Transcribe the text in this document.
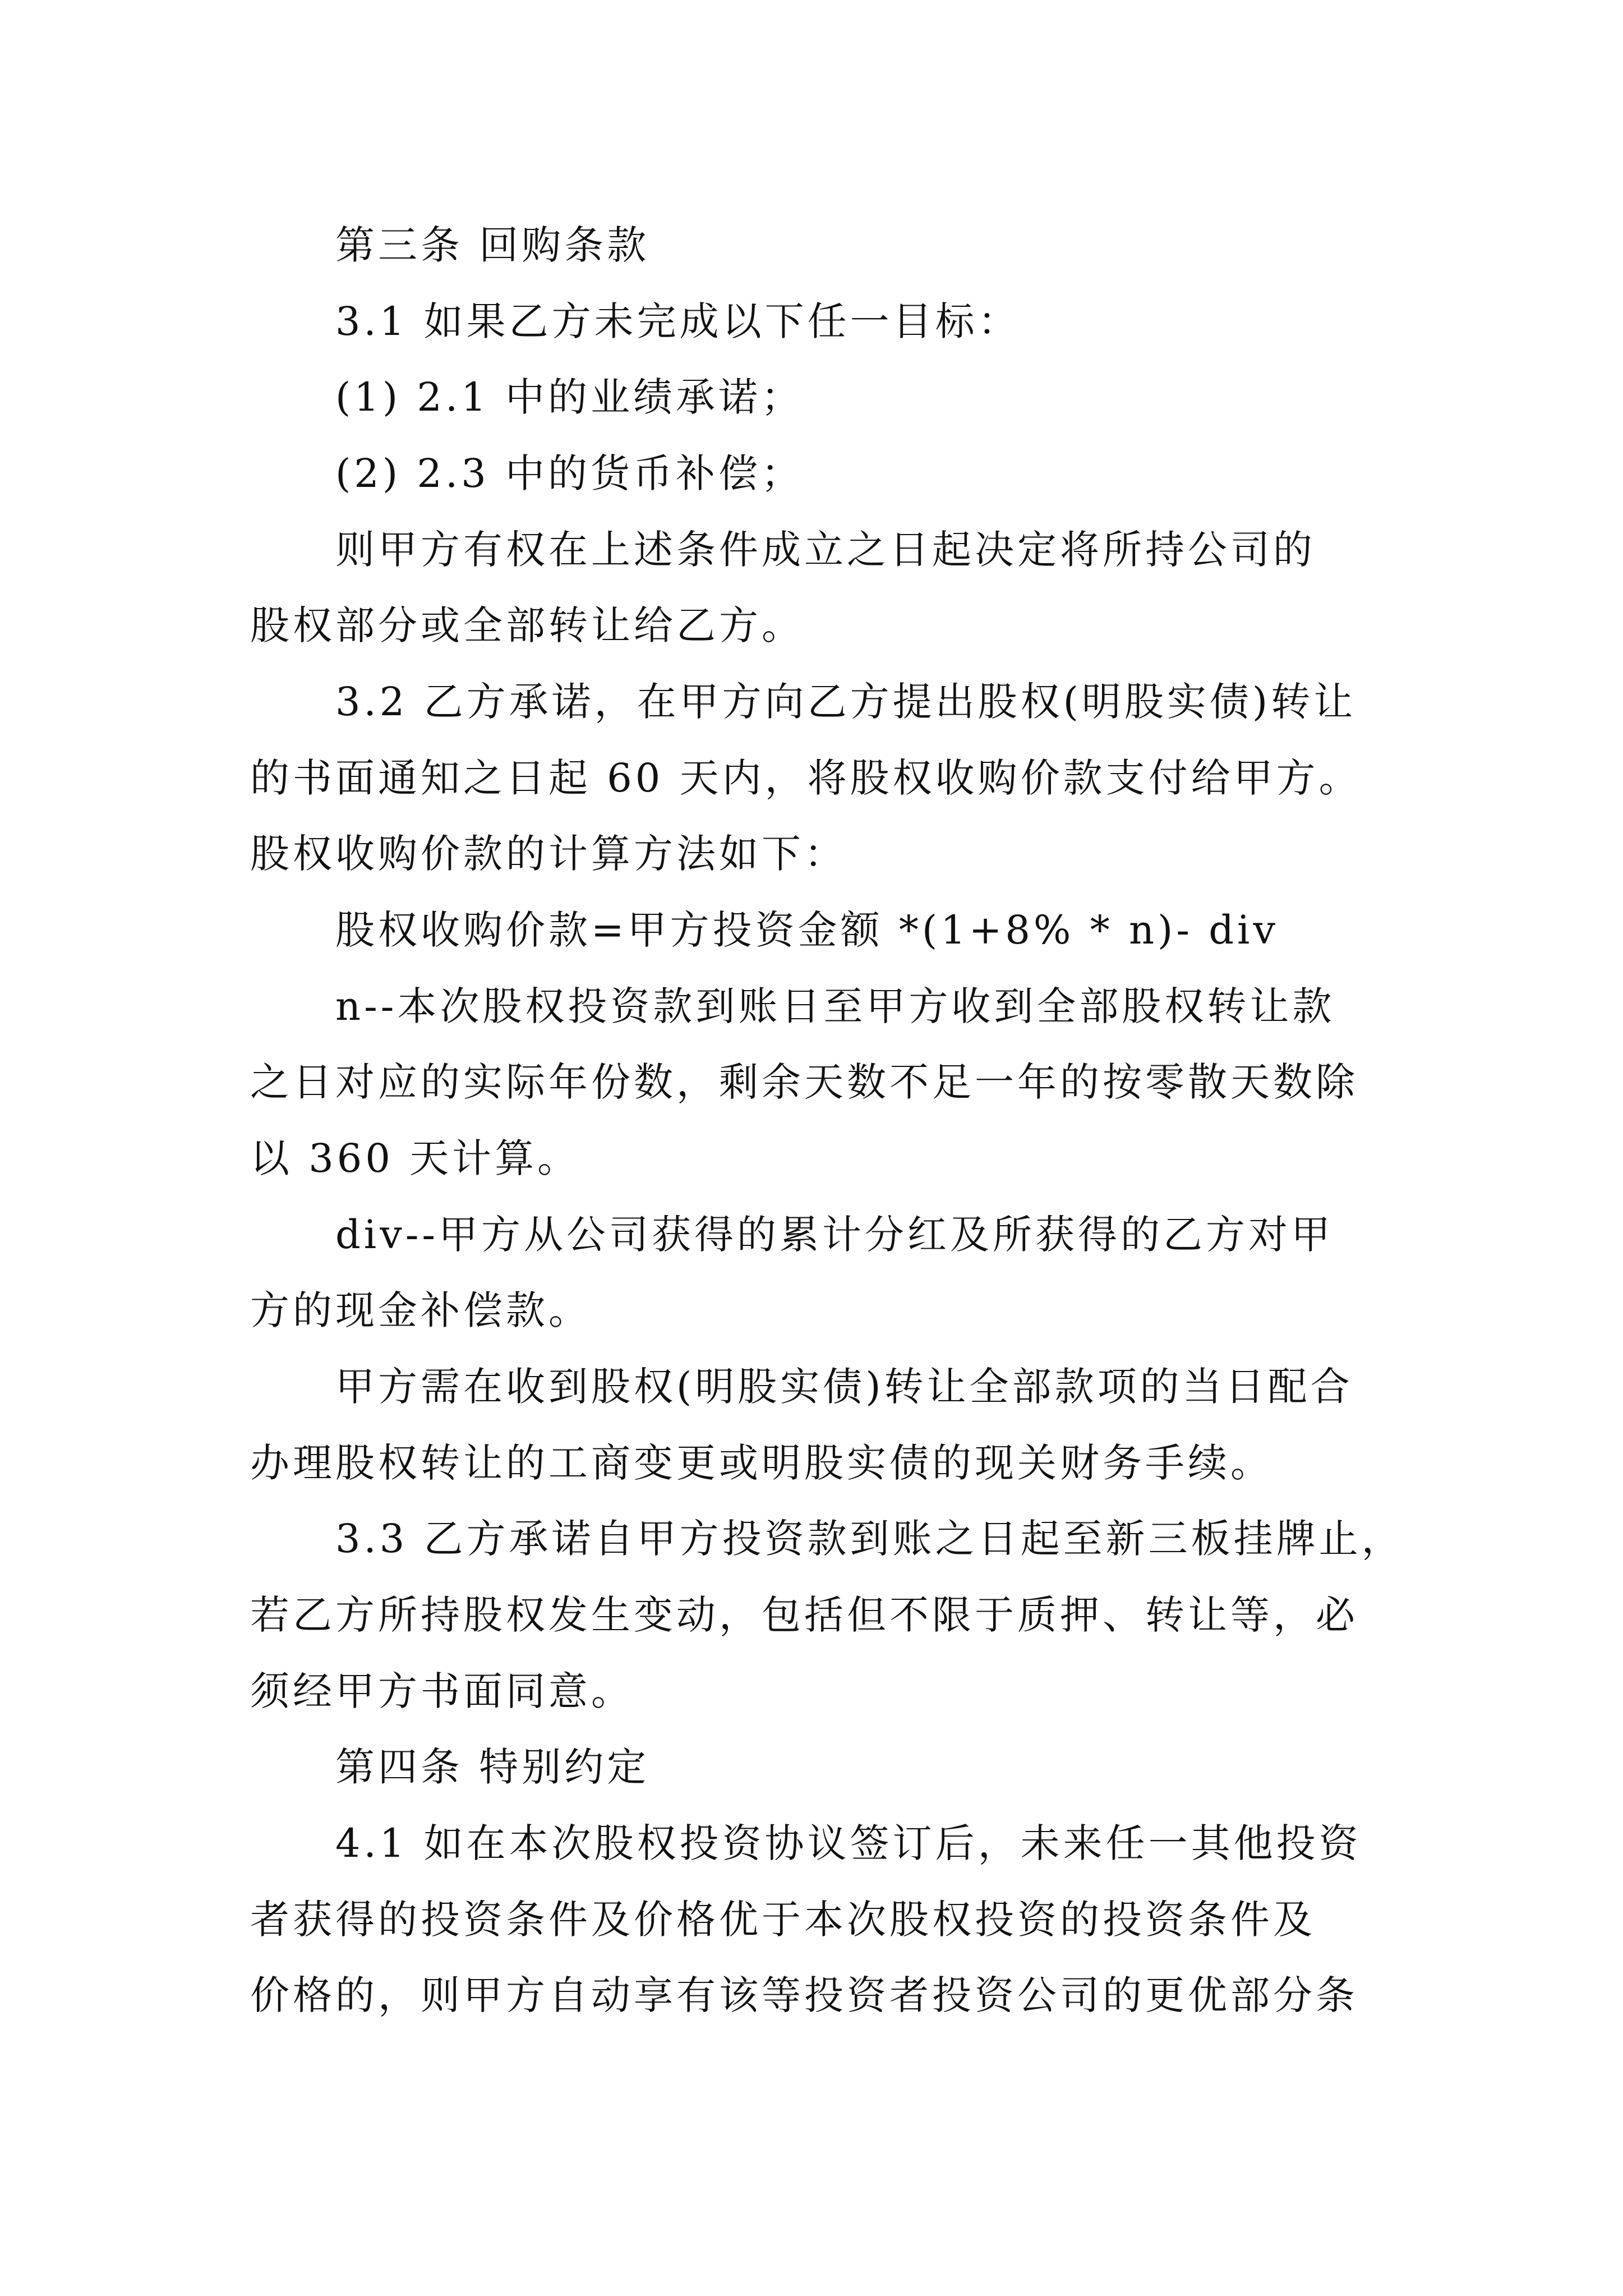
第三条 回购条款
3.1 如果乙方未完成以下任一目标：
(1) 2.1 中的业绩承诺；
(2) 2.3 中的货币补偿；
则甲方有权在上述条件成立之日起决定将所持公司的
股权部分或全部转让给乙方。
3.2 乙方承诺，在甲方向乙方提出股权(明股实债)转让
的书面通知之日起 60 天内，将股权收购价款支付给甲方。
股权收购价款的计算方法如下：
股权收购价款=甲方投资金额 *(1+8% * n)- div
n--本次股权投资款到账日至甲方收到全部股权转让款
之日对应的实际年份数，剩余天数不足一年的按零散天数除
以 360 天计算。
div--甲方从公司获得的累计分红及所获得的乙方对甲
方的现金补偿款。
甲方需在收到股权(明股实债)转让全部款项的当日配合
办理股权转让的工商变更或明股实债的现关财务手续。
3.3 乙方承诺自甲方投资款到账之日起至新三板挂牌止，
若乙方所持股权发生变动，包括但不限于质押、转让等，必
须经甲方书面同意。
第四条 特别约定
4.1 如在本次股权投资协议签订后，未来任一其他投资
者获得的投资条件及价格优于本次股权投资的投资条件及
价格的，则甲方自动享有该等投资者投资公司的更优部分条
